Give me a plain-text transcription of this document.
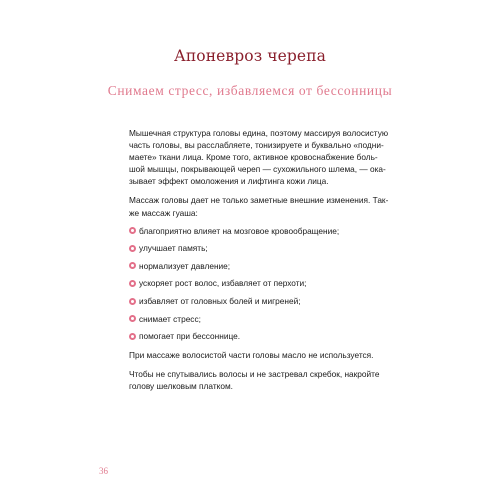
Апоневроз черепа
Снимаем стресс, избавляемся от бессонницы
Мышечная структура головы едина, поэтому массируя волосистую
часть головы, вы расслабляете, тонизируете и буквально «подни-
маете» ткани лица. Кроме того, активное кровоснабжение боль-
шой мышцы, покрывающей череп — сухожильного шлема, — ока-
зывает эффект омоложения и лифтинга кожи лица.
Массаж головы дает не только заметные внешние изменения. Так-
же массаж гуаша:
благоприятно влияет на мозговое кровообращение;
улучшает память;
нормализует давление;
ускоряет рост волос, избавляет от перхоти;
избавляет от головных болей и мигреней;
снимает стресс;
помогает при бессоннице.
При массаже волосистой части головы масло не используется.
Чтобы не спутывались волосы и не застревал скребок, накройте
голову шелковым платком.
36
